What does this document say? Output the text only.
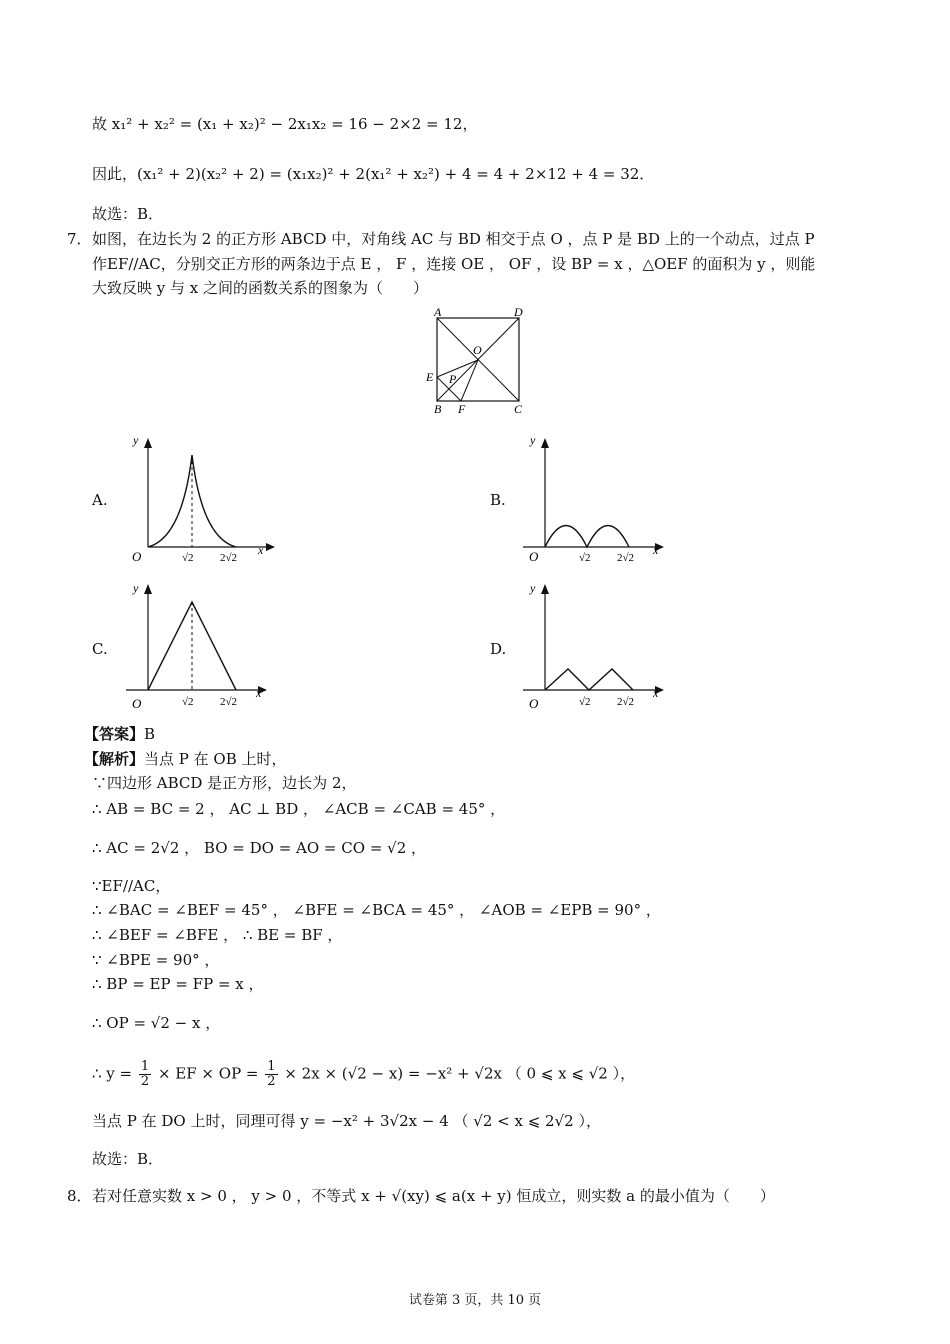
故 x₁² + x₂² = (x₁ + x₂)² − 2x₁x₂ = 16 − 2×2 = 12，
因此，(x₁² + 2)(x₂² + 2) = (x₁x₂)² + 2(x₁² + x₂²) + 4 = 4 + 2×12 + 4 = 32．
故选：B．
7． 如图，在边长为 2 的正方形 ABCD 中，对角线 AC 与 BD 相交于点 O ，点 P 是 BD 上的一个动点，过点 P
作EF//AC，分别交正方形的两条边于点 E ， F ，连接 OE ， OF ，设 BP = x ，△OEF 的面积为 y ，则能
大致反映 y 与 x 之间的函数关系的图象为（　　）
A	D
O
E P
B F	C
A.
y
x
O	√2 2√2
B.
y
x
O	√2 2√2
C.
y
x
O	√2 2√2
D.
y
x
O	√2 2√2
【答案】B
【解析】当点 P 在 OB 上时，
∵四边形 ABCD 是正方形，边长为 2，
∴ AB = BC = 2 ， AC ⊥ BD ， ∠ACB = ∠CAB = 45° ，
∴ AC = 2√2 ， BO = DO = AO = CO = √2 ，
∵EF//AC，
∴ ∠BAC = ∠BEF = 45° ， ∠BFE = ∠BCA = 45° ， ∠AOB = ∠EPB = 90° ，
∴ ∠BEF = ∠BFE ， ∴ BE = BF ，
∵ ∠BPE = 90° ，
∴ BP = EP = FP = x ，
∴ OP = √2 − x ，
∴ $y = \frac{1}{2}$ × EF × OP = $\frac{1}{2} \times 2x \times (√2 - x) = -x^2 + √2x$ （ 0 ⩽ x ⩽ √2 ），
当点 P 在 DO 上时，同理可得 y = −x² + 3√2x − 4 （ √2 < x ⩽ 2√2 ），
故选：B．
8． 若对任意实数 x > 0 ， y > 0 ，不等式 x + √(xy) ⩽ a(x + y) 恒成立，则实数 a 的最小值为（　　）
试卷第 3 页，共 10 页
